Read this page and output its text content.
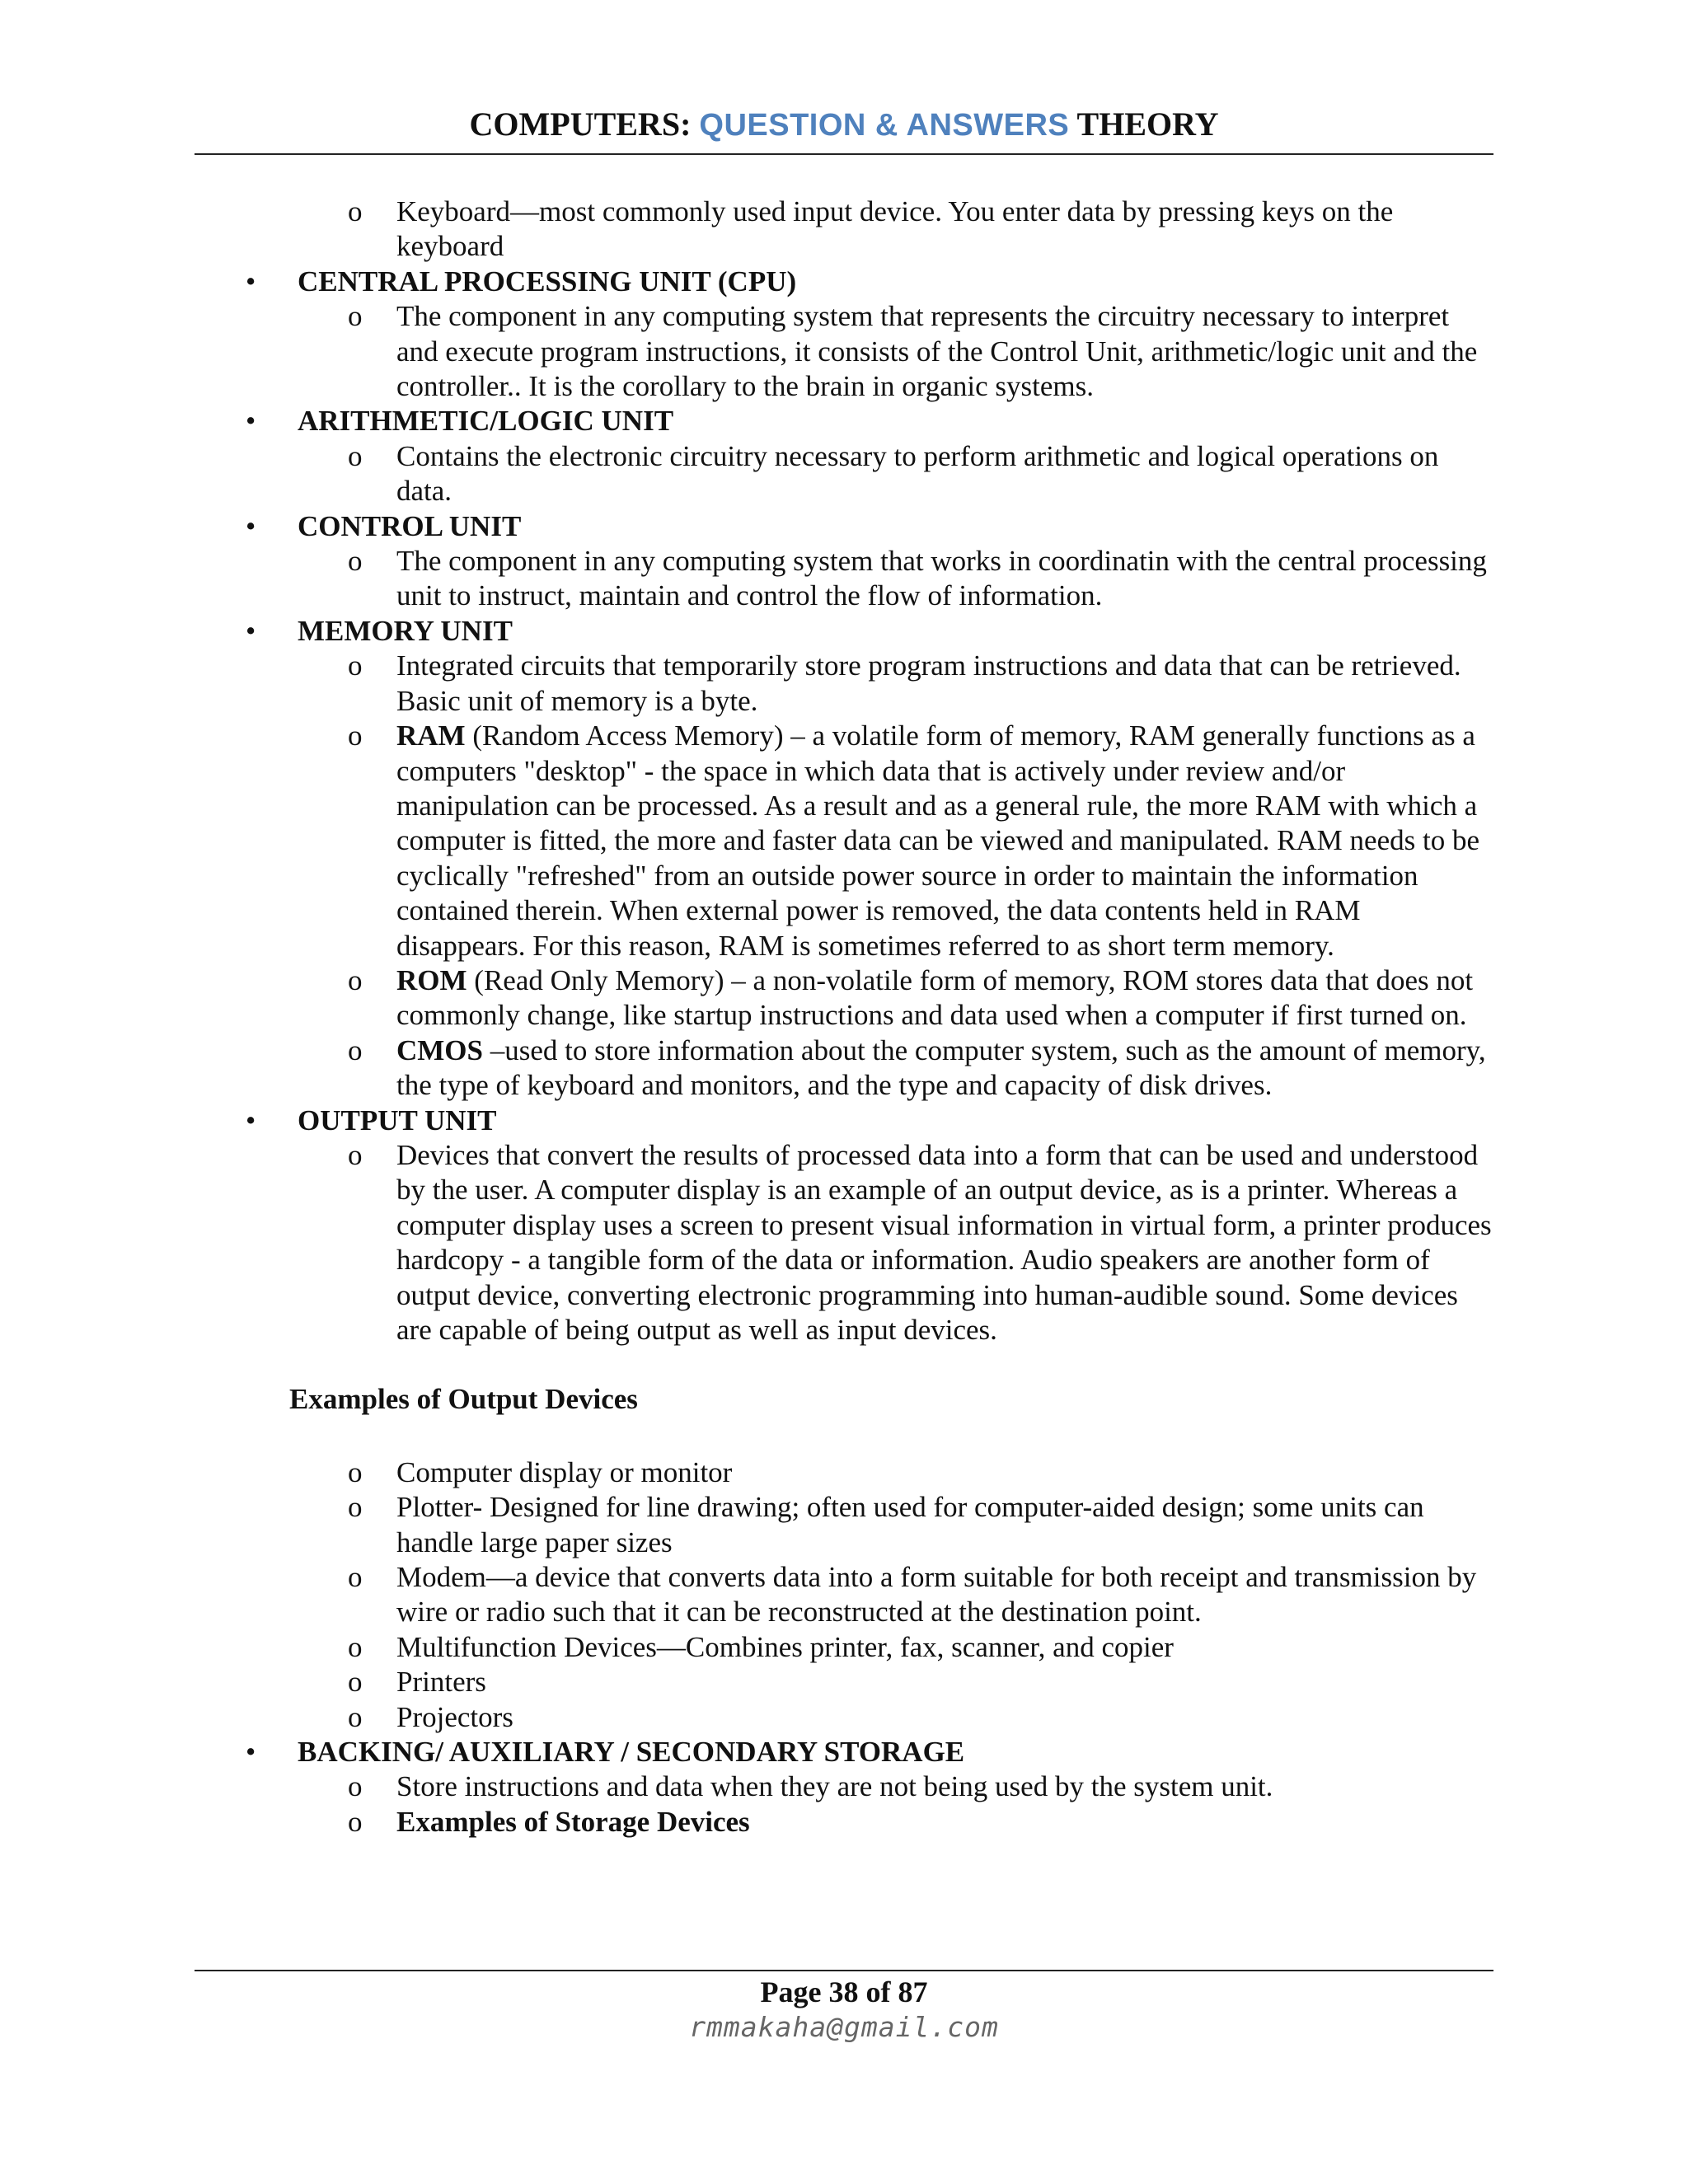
COMPUTERS: QUESTION & ANSWERS THEORY
o Keyboard—most commonly used input device. You enter data by pressing keys on the keyboard
• CENTRAL PROCESSING UNIT (CPU)
o The component in any computing system that represents the circuitry necessary to interpret and execute program instructions, it consists of the Control Unit, arithmetic/logic unit and the controller.. It is the corollary to the brain in organic systems.
• ARITHMETIC/LOGIC UNIT
o Contains the electronic circuitry necessary to perform arithmetic and logical operations on data.
• CONTROL UNIT
o The component in any computing system that works in coordinatin with the central processing unit to instruct, maintain and control the flow of information.
• MEMORY UNIT
o Integrated circuits that temporarily store program instructions and data that can be retrieved. Basic unit of memory is a byte.
o RAM (Random Access Memory) – a volatile form of memory, RAM generally functions as a computers "desktop" - the space in which data that is actively under review and/or manipulation can be processed. As a result and as a general rule, the more RAM with which a computer is fitted, the more and faster data can be viewed and manipulated. RAM needs to be cyclically "refreshed" from an outside power source in order to maintain the information contained therein. When external power is removed, the data contents held in RAM disappears. For this reason, RAM is sometimes referred to as short term memory.
o ROM (Read Only Memory) – a non-volatile form of memory, ROM stores data that does not commonly change, like startup instructions and data used when a computer if first turned on.
o CMOS –used to store information about the computer system, such as the amount of memory, the type of keyboard and monitors, and the type and capacity of disk drives.
• OUTPUT UNIT
o Devices that convert the results of processed data into a form that can be used and understood by the user. A computer display is an example of an output device, as is a printer. Whereas a computer display uses a screen to present visual information in virtual form, a printer produces hardcopy - a tangible form of the data or information. Audio speakers are another form of output device, converting electronic programming into human-audible sound. Some devices are capable of being output as well as input devices.
Examples of Output Devices
o Computer display or monitor
o Plotter- Designed for line drawing; often used for computer-aided design; some units can handle large paper sizes
o Modem—a device that converts data into a form suitable for both receipt and transmission by wire or radio such that it can be reconstructed at the destination point.
o Multifunction Devices—Combines printer, fax, scanner, and copier
o Printers
o Projectors
• BACKING/ AUXILIARY / SECONDARY STORAGE
o Store instructions and data when they are not being used by the system unit.
o Examples of Storage Devices
Page 38 of 87
rmmakaha@gmail.com
